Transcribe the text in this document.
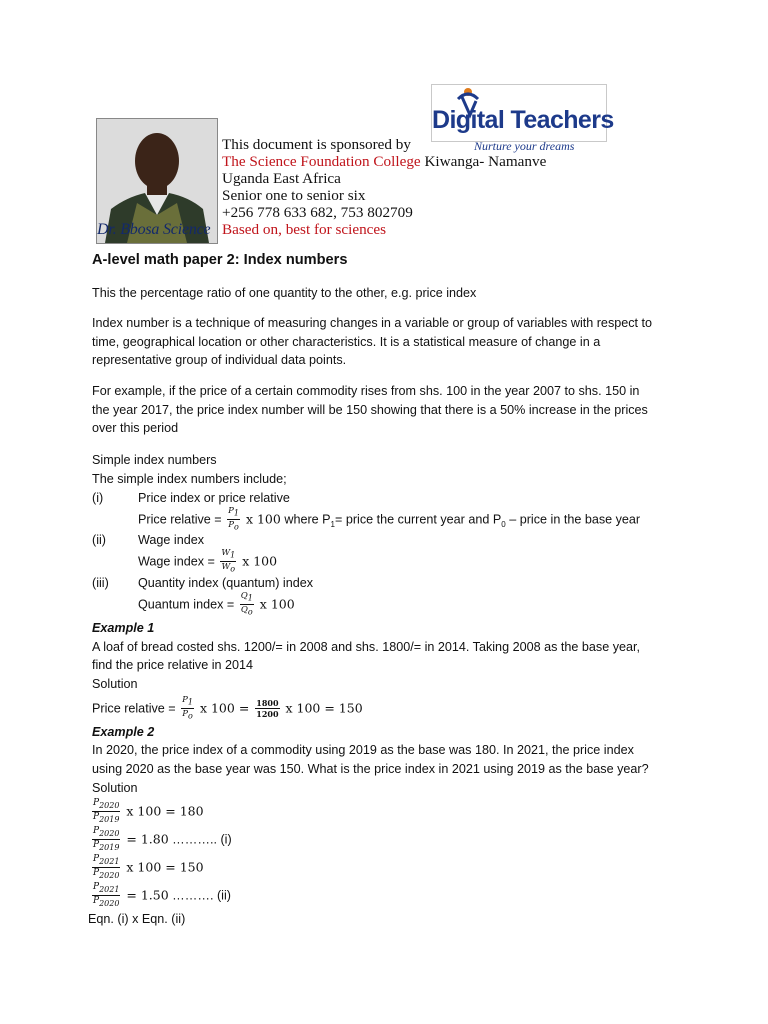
Dr. Bbosa Science
Digital Teachers
Nurture your dreams
This document is sponsored by
The Science Foundation College Kiwanga- Namanve
Uganda East Africa
Senior one to senior six
+256 778 633 682, 753 802709
Based on, best for sciences
A-level math paper 2: Index numbers
This the percentage ratio of one quantity to the other, e.g. price index
Index number is a technique of measuring changes in a variable or group of variables with respect to
time, geographical location or other characteristics. It is a statistical measure of change in a
representative group of individual data points.
For example, if the price of a certain commodity rises from shs. 100 in the year 2007 to shs. 150 in
the year 2017, the price index number will be 150 showing that there is a 50% increase in the prices
over this period
Simple index numbers
The simple index numbers include;
(i)	Price index or price relative
Price relative = $\frac{P_1}{P_o}$ x 100 where $P_1=$ price the current year and $P_0$ – price in the base year
(ii)	Wage index
Wage index = $\frac{W_1}{W_o}$ x 100
(iii) Quantity index (quantum) index
Quantum index = $\frac{Q_1}{Q_o}$ x 100
Example 1
A loaf of bread costed shs. 1200/= in 2008 and shs. 1800/= in 2014. Taking 2008 as the base year,
find the price relative in 2014
Solution
Price relative = $\frac{P_1}{P_o}$ x $100 = \frac{1800}{1200}$ x 100 = 150
Example 2
In 2020, the price index of a commodity using 2019 as the base was 180. In 2021, the price index
using 2020 as the base year was 150. What is the price index in 2021 using 2019 as the base year?
Solution
$\frac{P_{2020}}{P_{2019}}$ x 100 = 180
$\frac{P_{2020}}{P_{2019}} = 1.80$ ……….. (i)
$\frac{P_{2021}}{P_{2020}}$ x 100 = 150
$\frac{P_{2021}}{P_{2020}} = 1.50$ ………. (ii)
Eqn. (i) x Eqn. (ii)
